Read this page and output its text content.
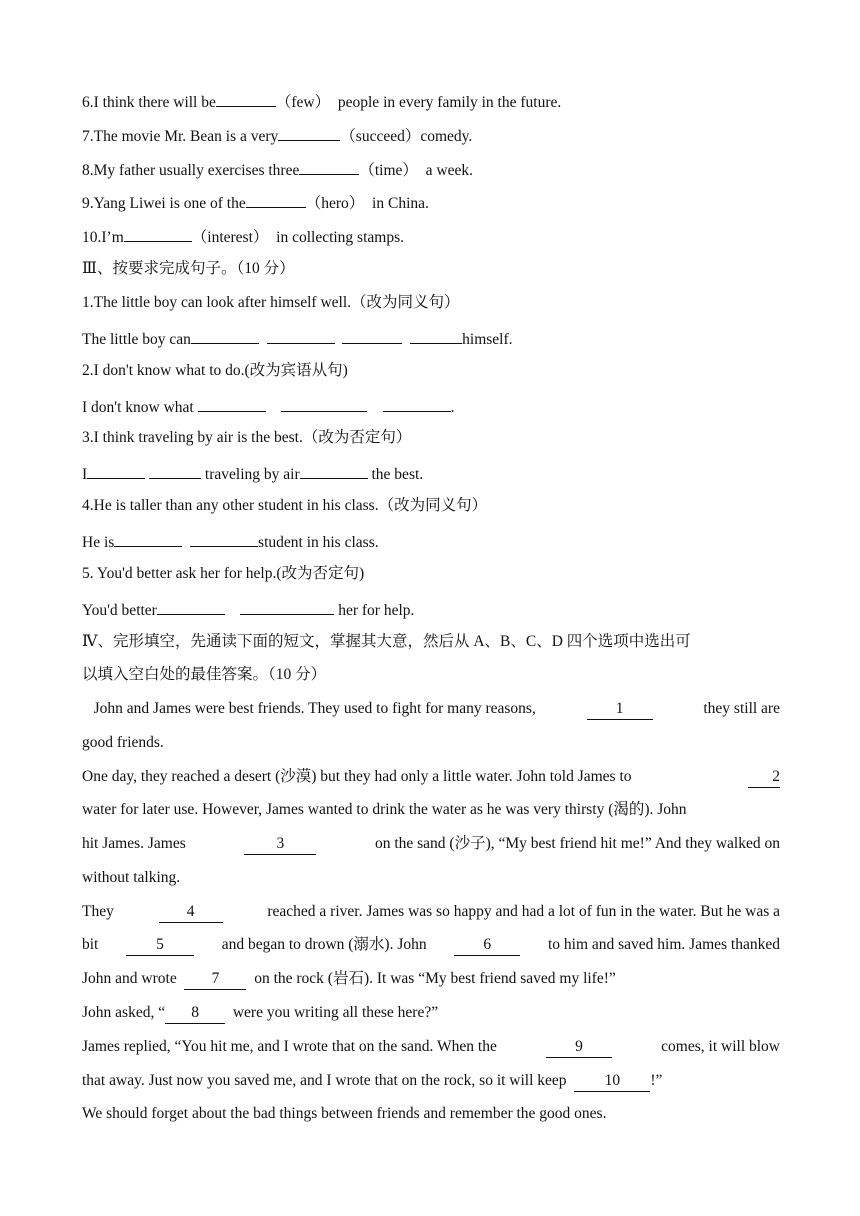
6.I think there will be	（few） people in every family in the future.
7.The movie Mr. Bean is a very	（succeed）comedy.
8.My father usually exercises three	（time） a week.
9.Yang Liwei is one of the	（hero） in China.
10.I’m	（interest） in collecting stamps.
Ⅲ、按要求完成句子。（10 分）
1.The little boy can look after himself well.（改为同义句）
The little boy can	himself.
2.I don't know what to do.(改为宾语从句)
I don't know what	.
3.I think traveling by air is the best.（改为否定句）
I	traveling by air	the best.
4.He is taller than any other student in his class.（改为同义句）
He is	student in his class.
5. You'd better ask her for help.(改为否定句)
You'd better	her for help.
Ⅳ、完形填空，先通读下面的短文，掌握其大意，然后从 A、B、C、D 四个选项中选出可
以填入空白处的最佳答案。（10 分）
John and James were best friends. They used to fight for many reasons,	1	they still are
good friends.
One day, they reached a desert (沙漠) but they had only a little water. John told James to	2
water for later use. However, James wanted to drink the water as he was very thirsty (渴的). John
hit James. James	3	on the sand (沙子), “My best friend hit me!” And they walked on
without talking.
They	4	reached a river. James was so happy and had a lot of fun in the water. But he was a
bit	5	and began to drown (溺水). John	6	to him and saved him. James thanked
John and wrote 7 on the rock (岩石). It was “My best friend saved my life!”
John asked, “ 8 were you writing all these here?”
James replied, “You hit me, and I wrote that on the sand. When the	9	comes, it will blow
that away. Just now you saved me, and I wrote that on the rock, so it will keep 10 !”
We should forget about the bad things between friends and remember the good ones.
